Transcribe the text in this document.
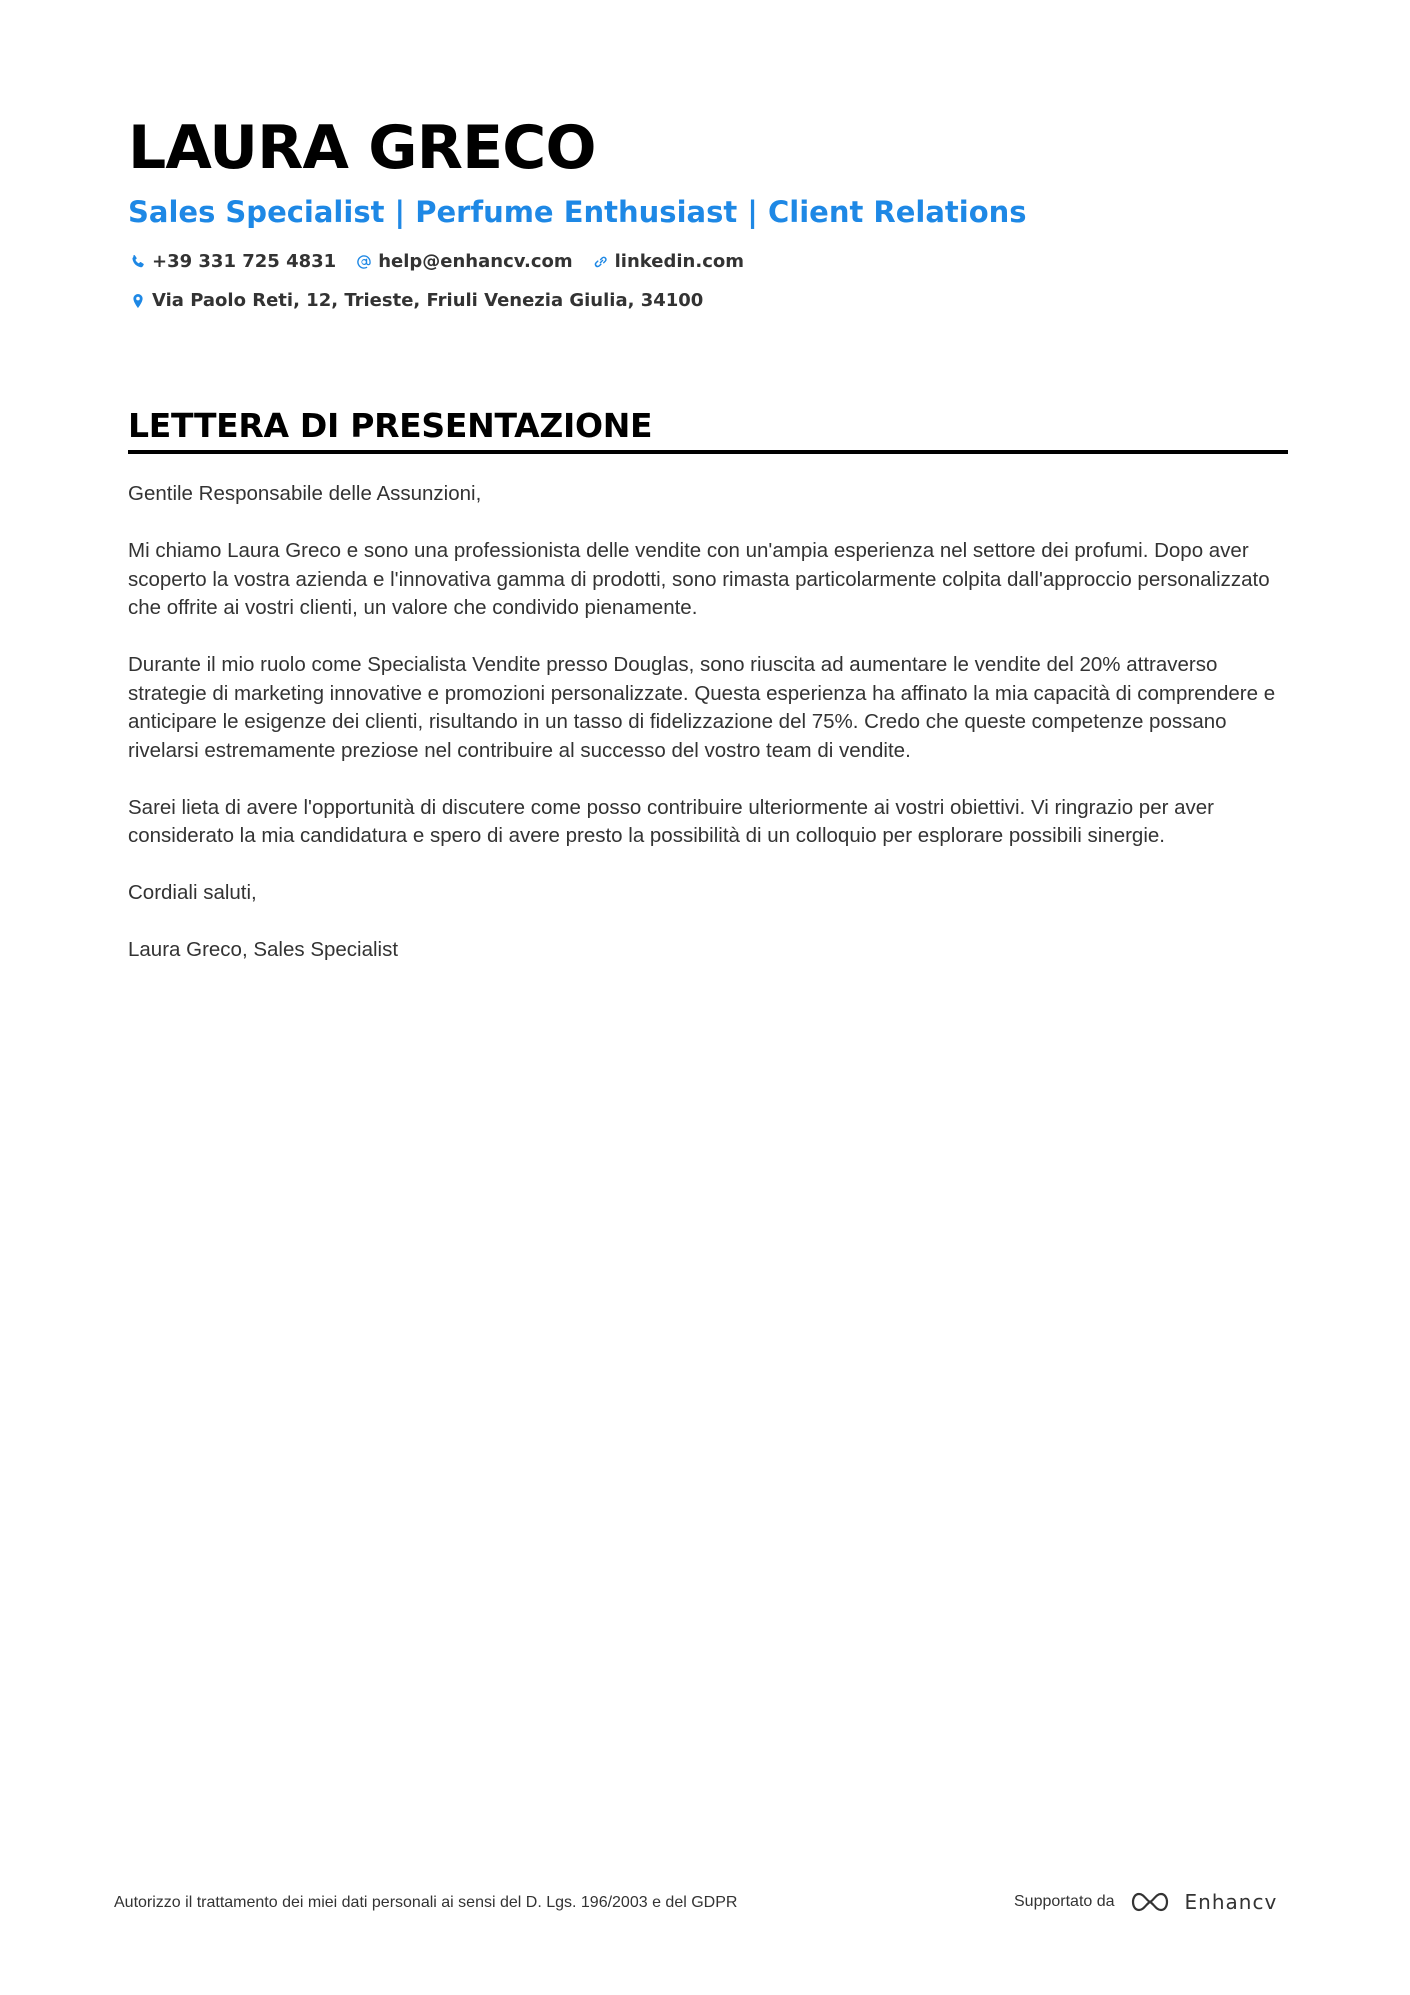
LAURA GRECO
Sales Specialist | Perfume Enthusiast | Client Relations
+39 331 725 4831 help@enhancv.com linkedin.com
Via Paolo Reti, 12, Trieste, Friuli Venezia Giulia, 34100
LETTERA DI PRESENTAZIONE

Gentile Responsabile delle Assunzioni,

Mi chiamo Laura Greco e sono una professionista delle vendite con un'ampia esperienza nel settore dei profumi. Dopo aver scoperto la vostra azienda e l'innovativa gamma di prodotti, sono rimasta particolarmente colpita dall'approccio personalizzato che offrite ai vostri clienti, un valore che condivido pienamente.

Durante il mio ruolo come Specialista Vendite presso Douglas, sono riuscita ad aumentare le vendite del 20% attraverso strategie di marketing innovative e promozioni personalizzate. Questa esperienza ha affinato la mia capacità di comprendere e anticipare le esigenze dei clienti, risultando in un tasso di fidelizzazione del 75%. Credo che queste competenze possano rivelarsi estremamente preziose nel contribuire al successo del vostro team di vendite.

Sarei lieta di avere l'opportunità di discutere come posso contribuire ulteriormente ai vostri obiettivi. Vi ringrazio per aver considerato la mia candidatura e spero di avere presto la possibilità di un colloquio per esplorare possibili sinergie.

Cordiali saluti,

Laura Greco, Sales Specialist

Autorizzo il trattamento dei miei dati personali ai sensi del D. Lgs. 196/2003 e del GDPR	Supportato da	Enhancv
